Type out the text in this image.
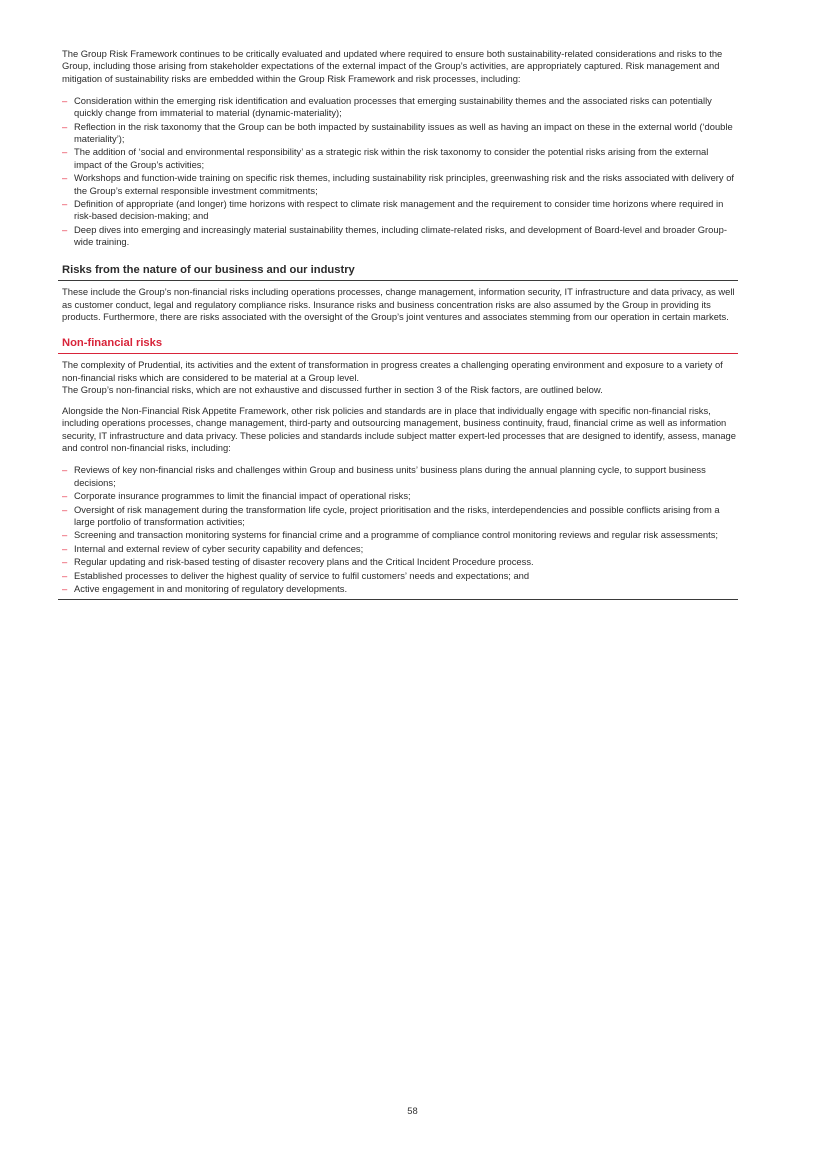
The Group Risk Framework continues to be critically evaluated and updated where required to ensure both sustainability-related considerations and risks to the Group, including those arising from stakeholder expectations of the external impact of the Group’s activities, are appropriately captured. Risk management and mitigation of sustainability risks are embedded within the Group Risk Framework and risk processes, including:

– Consideration within the emerging risk identification and evaluation processes that emerging sustainability themes and the associated risks can potentially quickly change from immaterial to material (dynamic-materiality);
– Reflection in the risk taxonomy that the Group can be both impacted by sustainability issues as well as having an impact on these in the external world (‘double materiality’);
– The addition of ‘social and environmental responsibility’ as a strategic risk within the risk taxonomy to consider the potential risks arising from the external impact of the Group’s activities;
– Workshops and function-wide training on specific risk themes, including sustainability risk principles, greenwashing risk and the risks associated with delivery of the Group’s external responsible investment commitments;
– Definition of appropriate (and longer) time horizons with respect to climate risk management and the requirement to consider time horizons where required in risk-based decision-making; and
– Deep dives into emerging and increasingly material sustainability themes, including climate-related risks, and development of Board-level and broader Group-wide training.
Risks from the nature of our business and our industry

These include the Group’s non-financial risks including operations processes, change management, information security, IT infrastructure and data privacy, as well as customer conduct, legal and regulatory compliance risks. Insurance risks and business concentration risks are also assumed by the Group in providing its products. Furthermore, there are risks associated with the oversight of the Group’s joint ventures and associates stemming from our operation in certain markets.

Non-financial risks

The complexity of Prudential, its activities and the extent of transformation in progress creates a challenging operating environment and exposure to a variety of non-financial risks which are considered to be material at a Group level.

The Group’s non-financial risks, which are not exhaustive and discussed further in section 3 of the Risk factors, are outlined below.

Alongside the Non-Financial Risk Appetite Framework, other risk policies and standards are in place that individually engage with specific non-financial risks, including operations processes, change management, third-party and outsourcing management, business continuity, fraud, financial crime as well as information security, IT infrastructure and data privacy. These policies and standards include subject matter expert-led processes that are designed to identify, assess, manage and control non-financial risks, including:

– Reviews of key non-financial risks and challenges within Group and business units’ business plans during the annual planning cycle, to support business decisions;
– Corporate insurance programmes to limit the financial impact of operational risks;
– Oversight of risk management during the transformation life cycle, project prioritisation and the risks, interdependencies and possible conflicts arising from a large portfolio of transformation activities;
– Screening and transaction monitoring systems for financial crime and a programme of compliance control monitoring reviews and regular risk assessments;
– Internal and external review of cyber security capability and defences;
– Regular updating and risk-based testing of disaster recovery plans and the Critical Incident Procedure process.
– Established processes to deliver the highest quality of service to fulfil customers’ needs and expectations; and
– Active engagement in and monitoring of regulatory developments.
58
